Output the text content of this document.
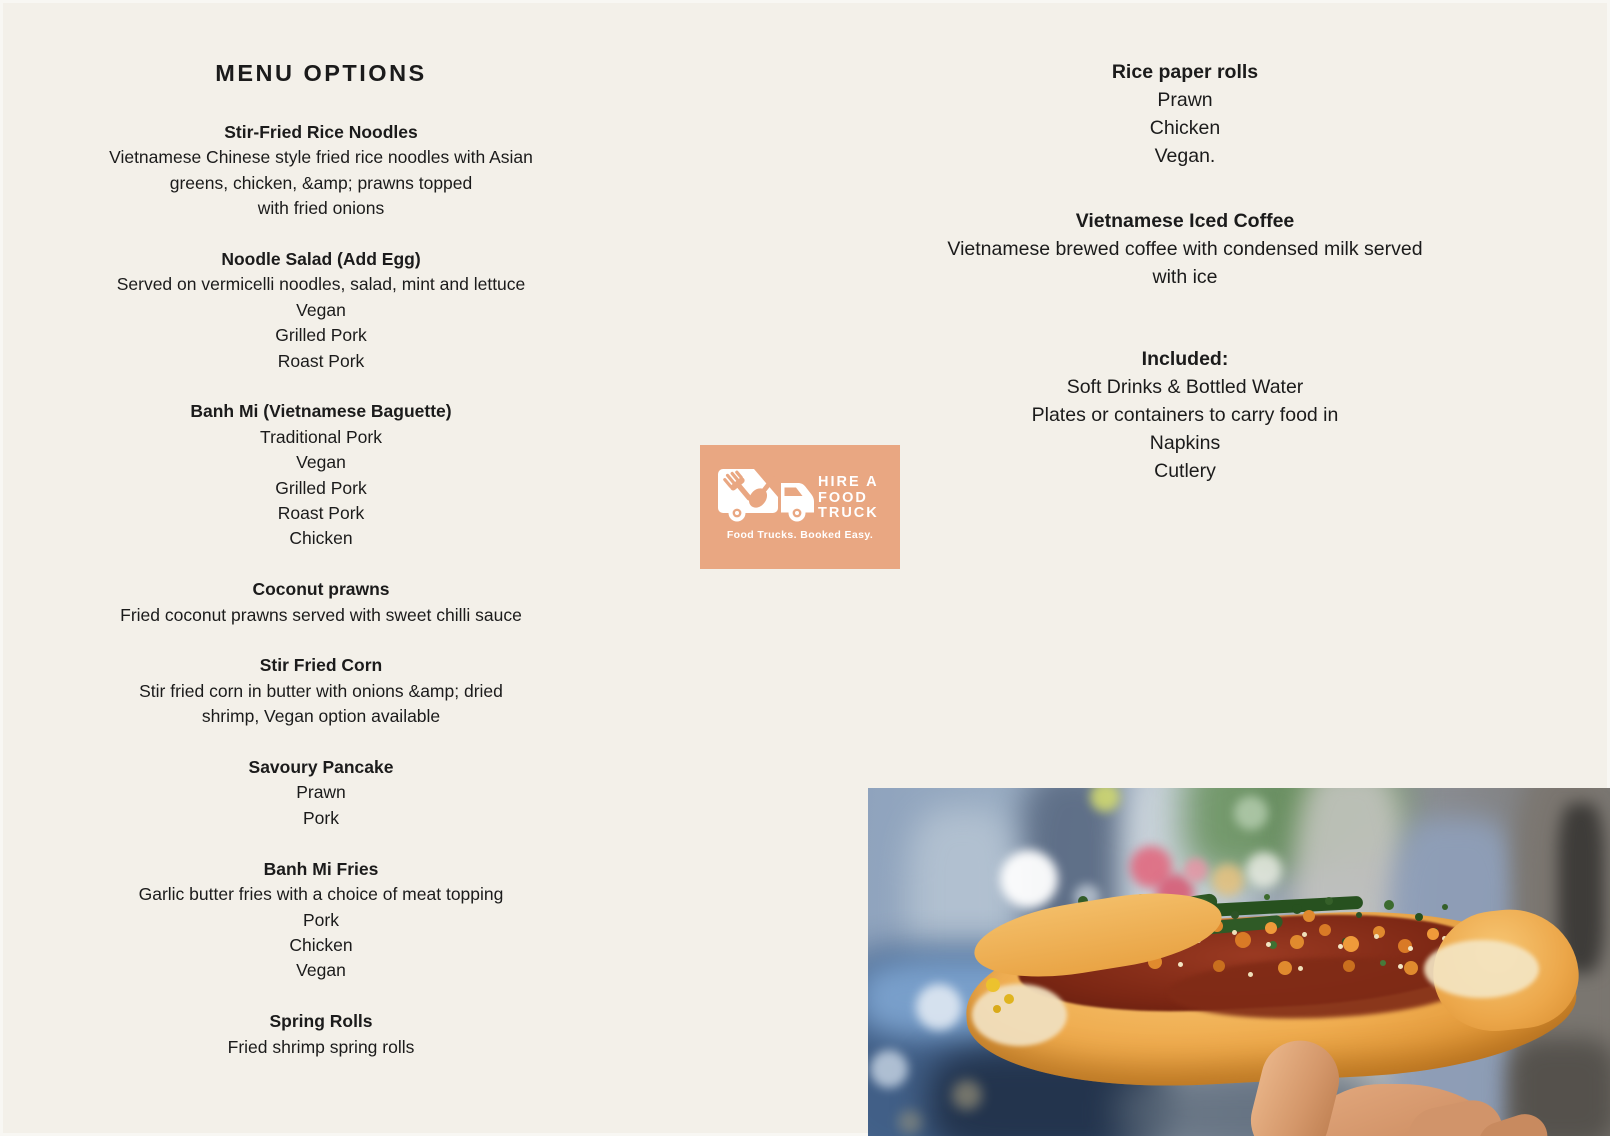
MENU OPTIONS
Stir-Fried Rice Noodles
Vietnamese Chinese style fried rice noodles with Asian
greens, chicken, &amp; prawns topped
with fried onions
Noodle Salad (Add Egg)
Served on vermicelli noodles, salad, mint and lettuce
Vegan
Grilled Pork
Roast Pork
Banh Mi (Vietnamese Baguette)
Traditional Pork
Vegan
Grilled Pork
Roast Pork
Chicken
Coconut prawns
Fried coconut prawns served with sweet chilli sauce
Stir Fried Corn
Stir fried corn in butter with onions &amp; dried
shrimp, Vegan option available
Savoury Pancake
Prawn
Pork
Banh Mi Fries
Garlic butter fries with a choice of meat topping
Pork
Chicken
Vegan
Spring Rolls
Fried shrimp spring rolls
Rice paper rolls
Prawn
Chicken
Vegan.
Vietnamese Iced Coffee
Vietnamese brewed coffee with condensed milk served
with ice
Included:
Soft Drinks & Bottled Water
Plates or containers to carry food in
Napkins
Cutlery
HIRE A
FOOD
TRUCK
Food Trucks. Booked Easy.
